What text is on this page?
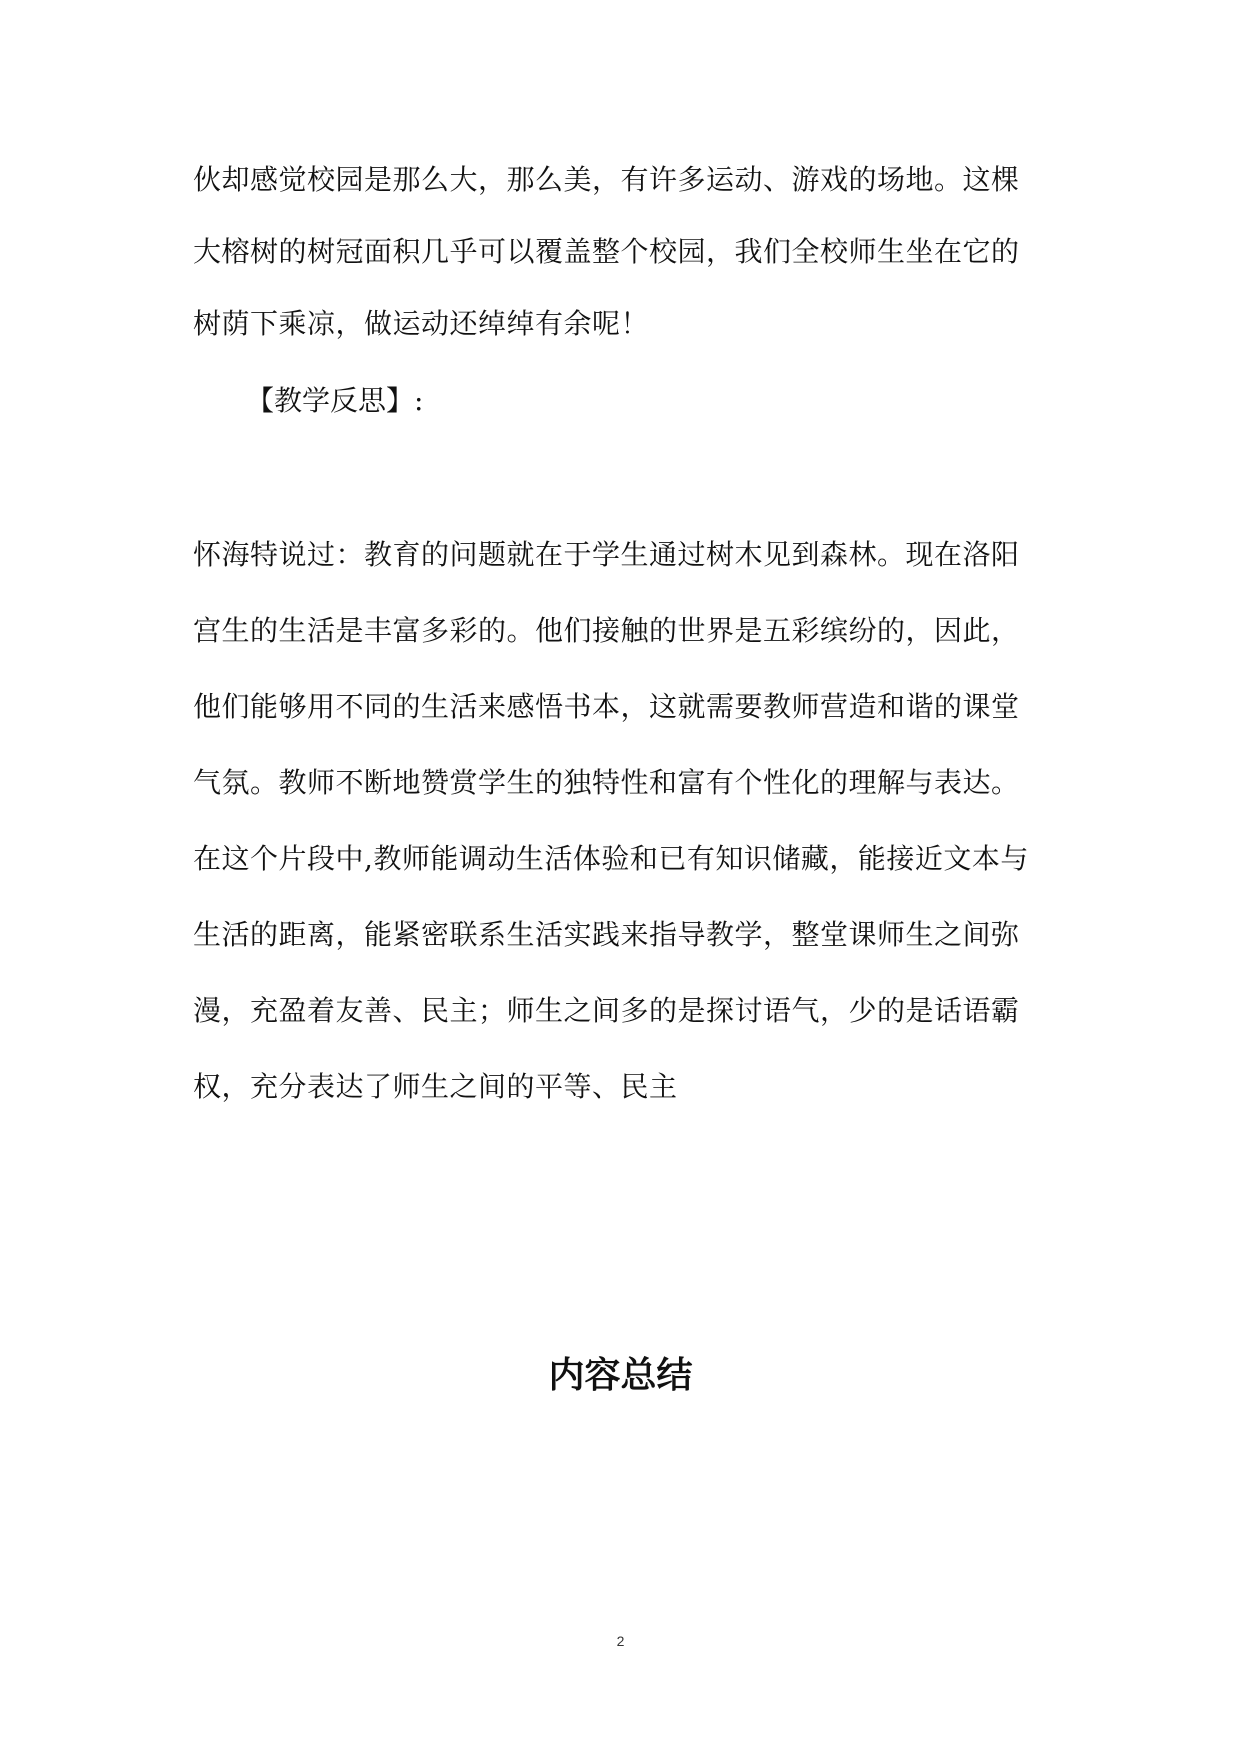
伙却感觉校园是那么大，那么美，有许多运动、游戏的场地。这棵
大榕树的树冠面积几乎可以覆盖整个校园，我们全校师生坐在它的
树荫下乘凉，做运动还绰绰有余呢！
【教学反思】:
怀海特说过：教育的问题就在于学生通过树木见到森林。现在洛阳
宫生的生活是丰富多彩的。他们接触的世界是五彩缤纷的，因此，
他们能够用不同的生活来感悟书本，这就需要教师营造和谐的课堂
气氛。教师不断地赞赏学生的独特性和富有个性化的理解与表达。
在这个片段中,教师能调动生活体验和已有知识储藏，能接近文本与
生活的距离，能紧密联系生活实践来指导教学，整堂课师生之间弥
漫，充盈着友善、民主；师生之间多的是探讨语气，少的是话语霸
权，充分表达了师生之间的平等、民主
内容总结
2
